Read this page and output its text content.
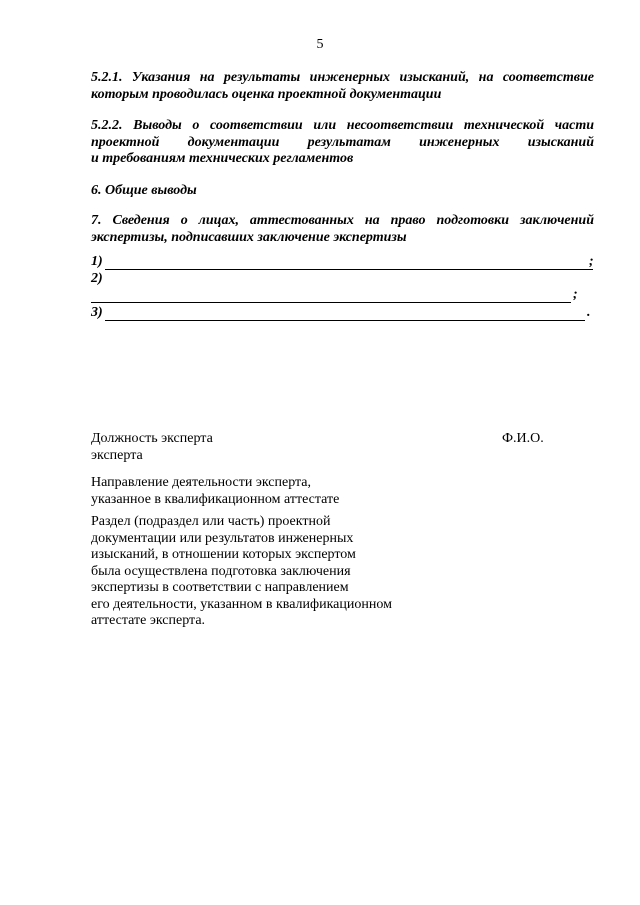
5
5.2.1. Указания на результаты инженерных изысканий, на соответствие
которым проводилась оценка проектной документации
5.2.2. Выводы о соответствии или несоответствии технической части
проектной документации результатам инженерных изысканий
и требованиям технических регламентов
6. Общие выводы
7. Сведения о лицах, аттестованных на право подготовки заключений
экспертизы, подписавших заключение экспертизы
1)	;
2)
;
3)	.
Должность эксперта
эксперта
Ф.И.О.
Направление деятельности эксперта,
указанное в квалификационном аттестате
Раздел (подраздел или часть) проектной
документации или результатов инженерных
изысканий, в отношении которых экспертом
была осуществлена подготовка заключения
экспертизы в соответствии с направлением
его деятельности, указанном в квалификационном
аттестате эксперта.
